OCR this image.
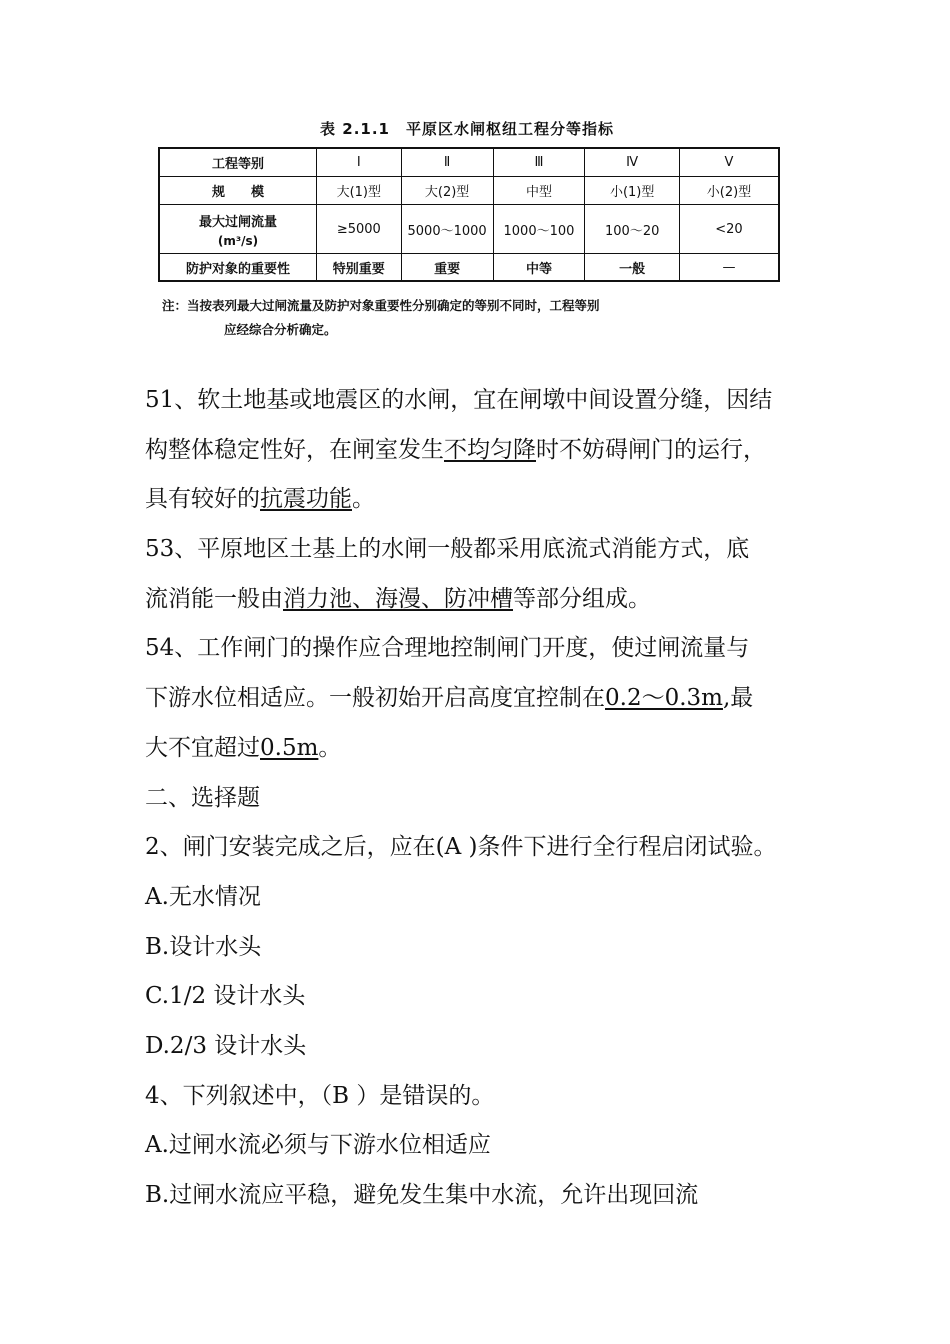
表 2.1.1　平原区水闸枢纽工程分等指标
工程等别	Ⅰ	Ⅱ	Ⅲ	Ⅳ	Ⅴ
规　　模	大(1)型	大(2)型	中型	小(1)型	小(2)型
最大过闸流量
(m³/s)	≥5000	5000～1000	1000～100	100～20	<20
防护对象的重要性	特别重要	重要	中等	一般	—
注：当按表列最大过闸流量及防护对象重要性分别确定的等别不同时，工程等别
应经综合分析确定。
51、软土地基或地震区的水闸，宜在闸墩中间设置分缝，因结
构整体稳定性好，在闸室发生不均匀降时不妨碍闸门的运行，
具有较好的抗震功能。
53、平原地区土基上的水闸一般都采用底流式消能方式，底
流消能一般由消力池、海漫、防冲槽等部分组成。
54、工作闸门的操作应合理地控制闸门开度，使过闸流量与
下游水位相适应。一般初始开启高度宜控制在0.2～0.3m,最
大不宜超过0.5m。
二、选择题
2、闸门安装完成之后，应在(A )条件下进行全行程启闭试验。
A.无水情况
B.设计水头
C.1/2 设计水头
D.2/3 设计水头
4、下列叙述中，（B ）是错误的。
A.过闸水流必须与下游水位相适应
B.过闸水流应平稳，避免发生集中水流，允许出现回流
